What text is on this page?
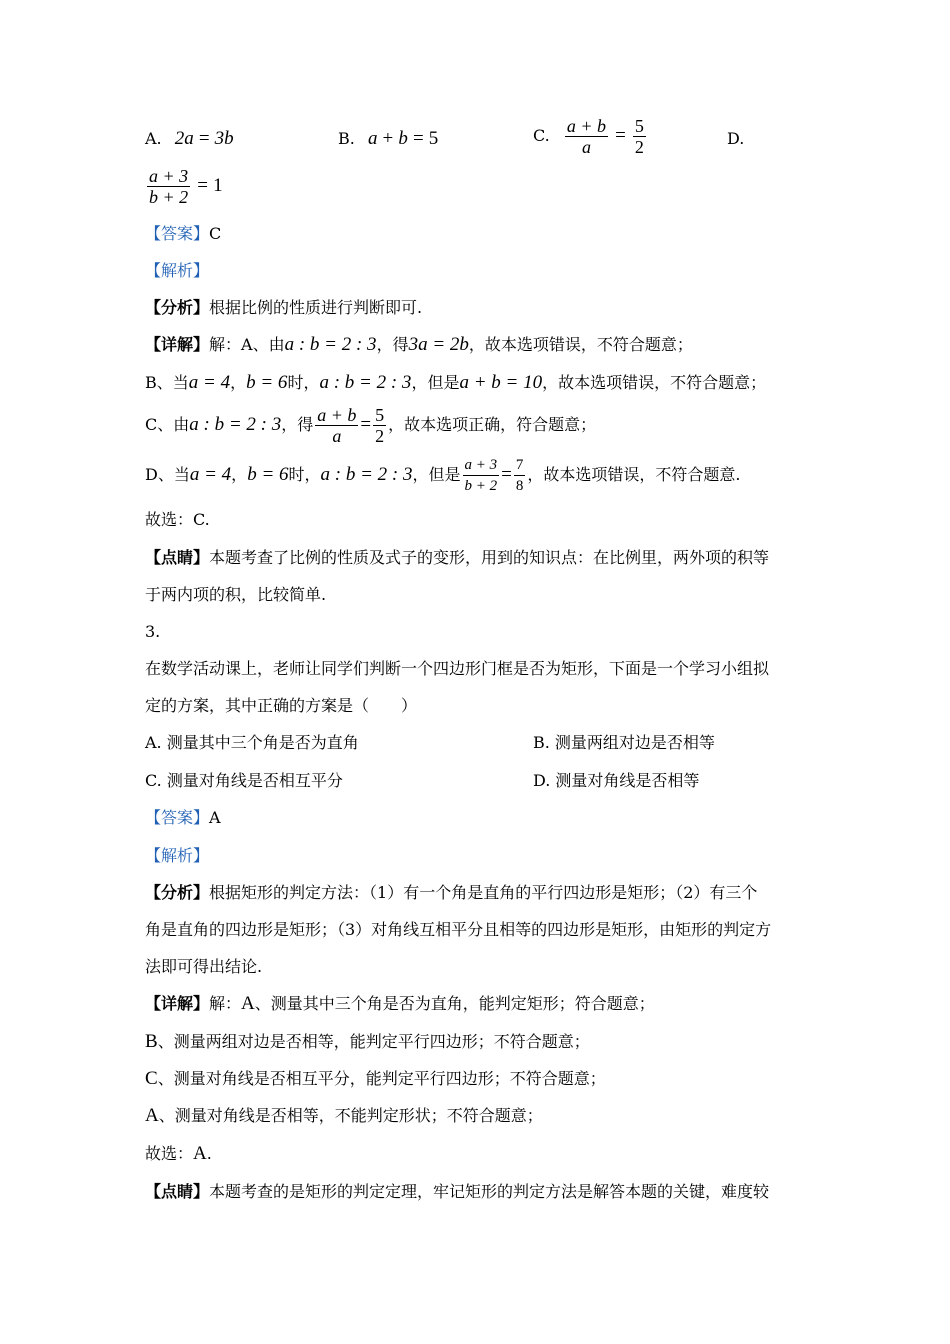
A. 2a = 3b	B. a + b = 5	C. $\frac{a + b}{a} = \frac{5}{2}$	D.
$\frac{a + 3}{b + 2} = 1$
【答案】C
【解析】
【分析】根据比例的性质进行判断即可.
【详解】解：A、由a : b = 2 : 3，得3a = 2b，故本选项错误，不符合题意；
B、当a = 4，b = 6时，a : b = 2 : 3，但是a + b = 10，故本选项错误，不符合题意；
C、由a : b = 2 : 3，得 $\frac{a + b}{a} = \frac{5}{2}$ ，故本选项正确，符合题意；
D、当a = 4，b = 6时，a : b = 2 : 3，但是 $\frac{a + 3}{b + 2} = \frac{7}{8}$ ，故本选项错误，不符合题意.
故选：C.
【点睛】本题考查了比例的性质及式子的变形，用到的知识点：在比例里，两外项的积等
于两内项的积，比较简单.
3.
在数学活动课上，老师让同学们判断一个四边形门框是否为矩形，下面是一个学习小组拟
定的方案，其中正确的方案是（　　）
A. 测量其中三个角是否为直角	B. 测量两组对边是否相等
C. 测量对角线是否相互平分	D. 测量对角线是否相等
【答案】A
【解析】
【分析】根据矩形的判定方法：（1）有一个角是直角的平行四边形是矩形；（2）有三个
角是直角的四边形是矩形；（3）对角线互相平分且相等的四边形是矩形，由矩形的判定方
法即可得出结论.
【详解】解：A、测量其中三个角是否为直角，能判定矩形；符合题意；
B、测量两组对边是否相等，能判定平行四边形；不符合题意；
C、测量对角线是否相互平分，能判定平行四边形；不符合题意；
A、测量对角线是否相等，不能判定形状；不符合题意；
故选：A.
【点睛】本题考查的是矩形的判定定理，牢记矩形的判定方法是解答本题的关键，难度较
